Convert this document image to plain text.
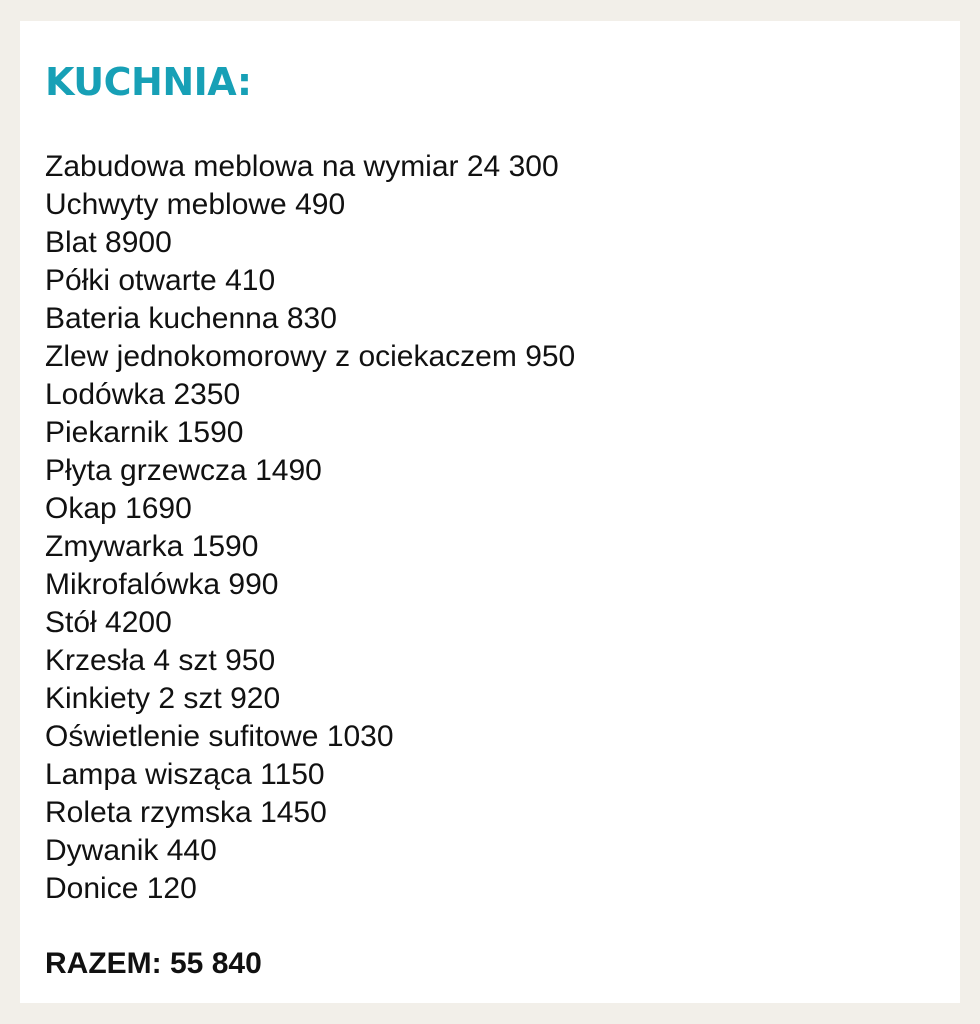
KUCHNIA:
Zabudowa meblowa na wymiar 24 300
Uchwyty meblowe 490
Blat 8900
Półki otwarte 410
Bateria kuchenna 830
Zlew jednokomorowy z ociekaczem 950
Lodówka 2350
Piekarnik 1590
Płyta grzewcza 1490
Okap 1690
Zmywarka 1590
Mikrofalówka 990
Stół 4200
Krzesła 4 szt 950
Kinkiety 2 szt 920
Oświetlenie sufitowe 1030
Lampa wisząca 1150
Roleta rzymska 1450
Dywanik 440
Donice 120

RAZEM: 55 840
